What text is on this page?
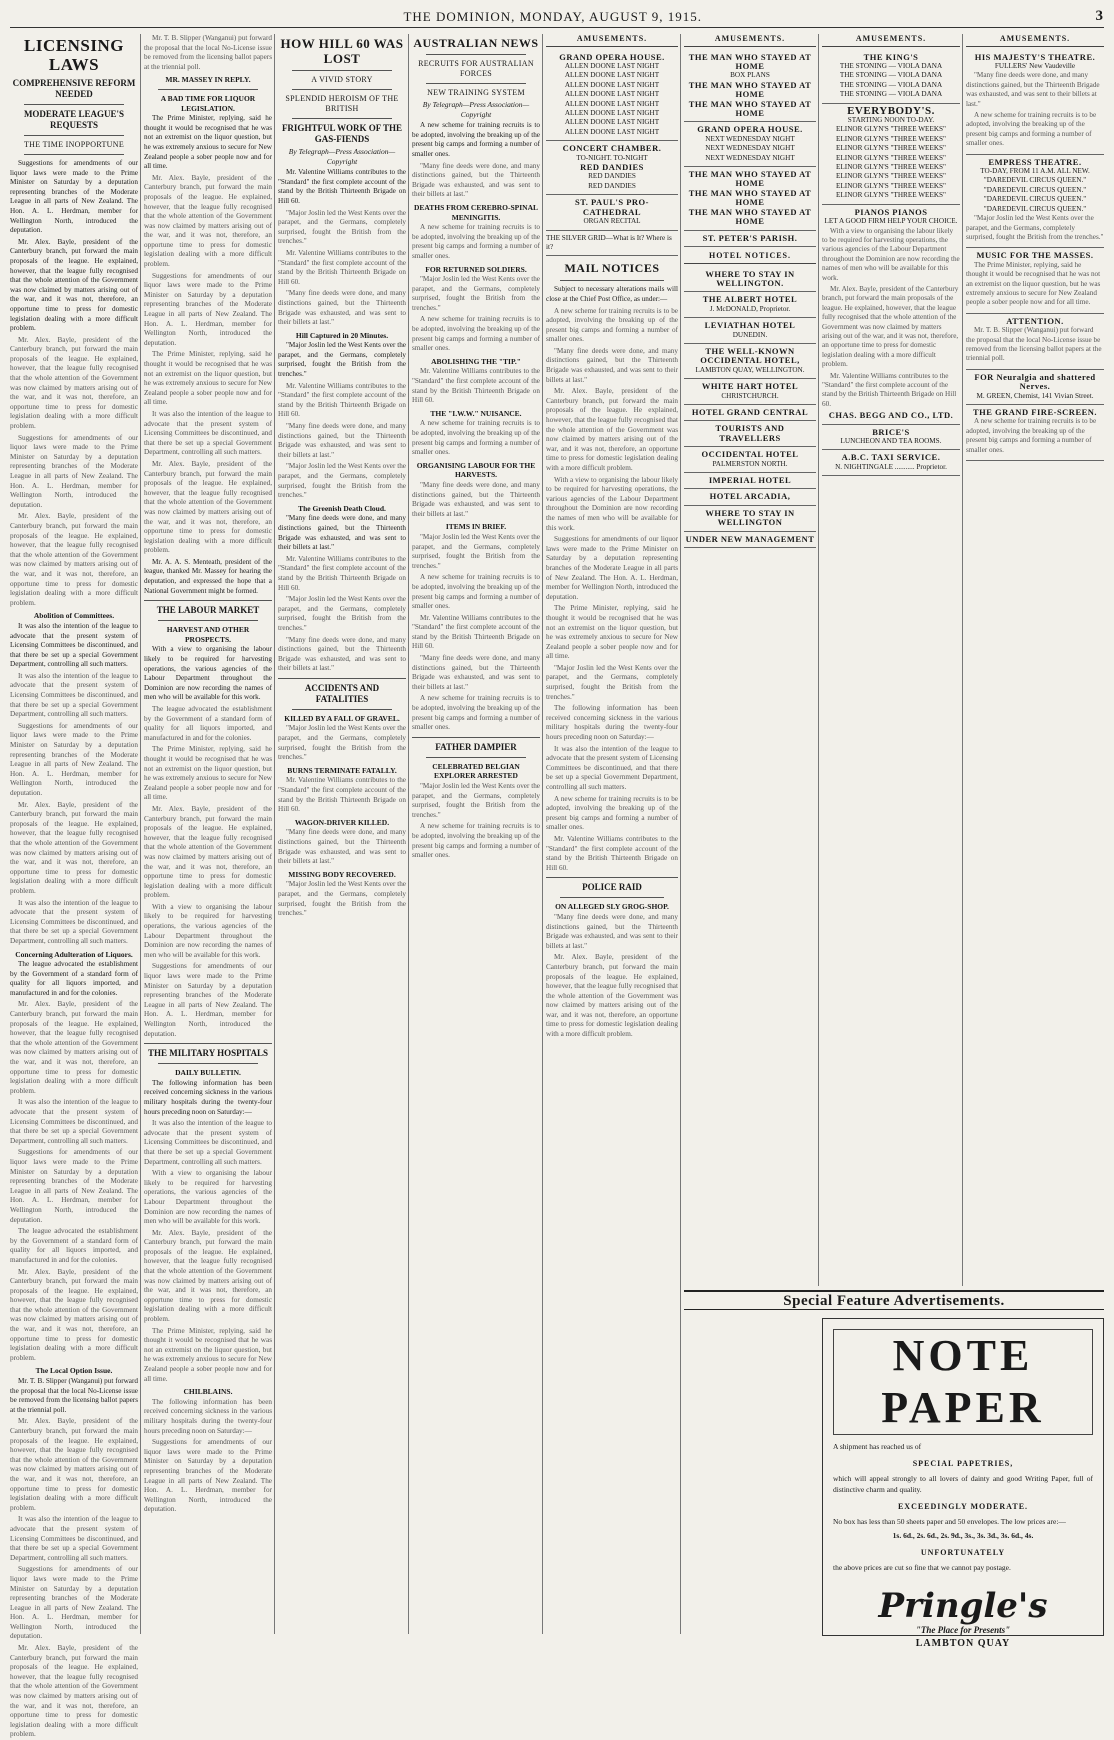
THE DOMINION, MONDAY, AUGUST 9, 1915.	3
LICENSING LAWS
COMPREHENSIVE REFORM NEEDED
MODERATE LEAGUE'S REQUESTS
THE TIME INOPPORTUNE

Suggestions for amendments of our liquor laws were made to the Prime Minister on Saturday by a deputation representing branches of the Moderate League in all parts of New Zealand. The Hon. A. L. Herdman, member for Wellington North, introduced the deputation.

Mr. Alex. Bayle, president of the Canterbury branch, put forward the main proposals of the league. He explained, however, that the league fully recognised that the whole attention of the Government was now claimed by matters arising out of the war, and it was not, therefore, an opportune time to press for domestic legislation dealing with a more difficult problem.

Mr. Alex. Bayle, president of the Canterbury branch, put forward the main proposals of the league. He explained, however, that the league fully recognised that the whole attention of the Government was now claimed by matters arising out of the war, and it was not, therefore, an opportune time to press for domestic legislation dealing with a more difficult problem.

Suggestions for amendments of our liquor laws were made to the Prime Minister on Saturday by a deputation representing branches of the Moderate League in all parts of New Zealand. The Hon. A. L. Herdman, member for Wellington North, introduced the deputation.

Mr. Alex. Bayle, president of the Canterbury branch, put forward the main proposals of the league. He explained, however, that the league fully recognised that the whole attention of the Government was now claimed by matters arising out of the war, and it was not, therefore, an opportune time to press for domestic legislation dealing with a more difficult problem.

Abolition of Committees.

It was also the intention of the league to advocate that the present system of Licensing Committees be discontinued, and that there be set up a special Government Department, controlling all such matters.

It was also the intention of the league to advocate that the present system of Licensing Committees be discontinued, and that there be set up a special Government Department, controlling all such matters.

Suggestions for amendments of our liquor laws were made to the Prime Minister on Saturday by a deputation representing branches of the Moderate League in all parts of New Zealand. The Hon. A. L. Herdman, member for Wellington North, introduced the deputation.

Mr. Alex. Bayle, president of the Canterbury branch, put forward the main proposals of the league. He explained, however, that the league fully recognised that the whole attention of the Government was now claimed by matters arising out of the war, and it was not, therefore, an opportune time to press for domestic legislation dealing with a more difficult problem.

It was also the intention of the league to advocate that the present system of Licensing Committees be discontinued, and that there be set up a special Government Department, controlling all such matters.

Concerning Adulteration of Liquors.

The league advocated the establishment by the Government of a standard form of quality for all liquors imported, and manufactured in and for the colonies.

Mr. Alex. Bayle, president of the Canterbury branch, put forward the main proposals of the league. He explained, however, that the league fully recognised that the whole attention of the Government was now claimed by matters arising out of the war, and it was not, therefore, an opportune time to press for domestic legislation dealing with a more difficult problem.

It was also the intention of the league to advocate that the present system of Licensing Committees be discontinued, and that there be set up a special Government Department, controlling all such matters.

Suggestions for amendments of our liquor laws were made to the Prime Minister on Saturday by a deputation representing branches of the Moderate League in all parts of New Zealand. The Hon. A. L. Herdman, member for Wellington North, introduced the deputation.

The league advocated the establishment by the Government of a standard form of quality for all liquors imported, and manufactured in and for the colonies.

Mr. Alex. Bayle, president of the Canterbury branch, put forward the main proposals of the league. He explained, however, that the league fully recognised that the whole attention of the Government was now claimed by matters arising out of the war, and it was not, therefore, an opportune time to press for domestic legislation dealing with a more difficult problem.

The Local Option Issue.

Mr. T. B. Slipper (Wanganui) put forward the proposal that the local No-License issue be removed from the licensing ballot papers at the triennial poll.

Mr. Alex. Bayle, president of the Canterbury branch, put forward the main proposals of the league. He explained, however, that the league fully recognised that the whole attention of the Government was now claimed by matters arising out of the war, and it was not, therefore, an opportune time to press for domestic legislation dealing with a more difficult problem.

It was also the intention of the league to advocate that the present system of Licensing Committees be discontinued, and that there be set up a special Government Department, controlling all such matters.

Suggestions for amendments of our liquor laws were made to the Prime Minister on Saturday by a deputation representing branches of the Moderate League in all parts of New Zealand. The Hon. A. L. Herdman, member for Wellington North, introduced the deputation.

Mr. Alex. Bayle, president of the Canterbury branch, put forward the main proposals of the league. He explained, however, that the league fully recognised that the whole attention of the Government was now claimed by matters arising out of the war, and it was not, therefore, an opportune time to press for domestic legislation dealing with a more difficult problem.

Mr. T. B. Slipper (Wanganui) put forward the proposal that the local No-License issue be removed from the licensing ballot papers at the triennial poll.

MR. MASSEY IN REPLY.
A BAD TIME FOR LIQUOR LEGISLATION.

The Prime Minister, replying, said he thought it would be recognised that he was not an extremist on the liquor question, but he was extremely anxious to secure for New Zealand people a sober people now and for all time.

Mr. Alex. Bayle, president of the Canterbury branch, put forward the main proposals of the league. He explained, however, that the league fully recognised that the whole attention of the Government was now claimed by matters arising out of the war, and it was not, therefore, an opportune time to press for domestic legislation dealing with a more difficult problem.

Suggestions for amendments of our liquor laws were made to the Prime Minister on Saturday by a deputation representing branches of the Moderate League in all parts of New Zealand. The Hon. A. L. Herdman, member for Wellington North, introduced the deputation.

The Prime Minister, replying, said he thought it would be recognised that he was not an extremist on the liquor question, but he was extremely anxious to secure for New Zealand people a sober people now and for all time.

It was also the intention of the league to advocate that the present system of Licensing Committees be discontinued, and that there be set up a special Government Department, controlling all such matters.

Mr. Alex. Bayle, president of the Canterbury branch, put forward the main proposals of the league. He explained, however, that the league fully recognised that the whole attention of the Government was now claimed by matters arising out of the war, and it was not, therefore, an opportune time to press for domestic legislation dealing with a more difficult problem.

Mr. A. A. S. Menteath, president of the league, thanked Mr. Massey for hearing the deputation, and expressed the hope that a National Government might be formed.

THE LABOUR MARKET
HARVEST AND OTHER PROSPECTS.

With a view to organising the labour likely to be required for harvesting operations, the various agencies of the Labour Department throughout the Dominion are now recording the names of men who will be available for this work.

The league advocated the establishment by the Government of a standard form of quality for all liquors imported, and manufactured in and for the colonies.

The Prime Minister, replying, said he thought it would be recognised that he was not an extremist on the liquor question, but he was extremely anxious to secure for New Zealand people a sober people now and for all time.

Mr. Alex. Bayle, president of the Canterbury branch, put forward the main proposals of the league. He explained, however, that the league fully recognised that the whole attention of the Government was now claimed by matters arising out of the war, and it was not, therefore, an opportune time to press for domestic legislation dealing with a more difficult problem.

With a view to organising the labour likely to be required for harvesting operations, the various agencies of the Labour Department throughout the Dominion are now recording the names of men who will be available for this work.

Suggestions for amendments of our liquor laws were made to the Prime Minister on Saturday by a deputation representing branches of the Moderate League in all parts of New Zealand. The Hon. A. L. Herdman, member for Wellington North, introduced the deputation.

THE MILITARY HOSPITALS
DAILY BULLETIN.

The following information has been received concerning sickness in the various military hospitals during the twenty-four hours preceding noon on Saturday:—

It was also the intention of the league to advocate that the present system of Licensing Committees be discontinued, and that there be set up a special Government Department, controlling all such matters.

With a view to organising the labour likely to be required for harvesting operations, the various agencies of the Labour Department throughout the Dominion are now recording the names of men who will be available for this work.

Mr. Alex. Bayle, president of the Canterbury branch, put forward the main proposals of the league. He explained, however, that the league fully recognised that the whole attention of the Government was now claimed by matters arising out of the war, and it was not, therefore, an opportune time to press for domestic legislation dealing with a more difficult problem.

The Prime Minister, replying, said he thought it would be recognised that he was not an extremist on the liquor question, but he was extremely anxious to secure for New Zealand people a sober people now and for all time.

CHILBLAINS.

The following information has been received concerning sickness in the various military hospitals during the twenty-four hours preceding noon on Saturday:—

Suggestions for amendments of our liquor laws were made to the Prime Minister on Saturday by a deputation representing branches of the Moderate League in all parts of New Zealand. The Hon. A. L. Herdman, member for Wellington North, introduced the deputation.

HOW HILL 60 WAS LOST
A VIVID STORY
SPLENDID HEROISM OF THE BRITISH
FRIGHTFUL WORK OF THE GAS-FIENDS
By Telegraph—Press Association—Copyright

Mr. Valentine Williams contributes to the "Standard" the first complete account of the stand by the British Thirteenth Brigade on Hill 60.

"Major Joslin led the West Kents over the parapet, and the Germans, completely surprised, fought the British from the trenches."

Mr. Valentine Williams contributes to the "Standard" the first complete account of the stand by the British Thirteenth Brigade on Hill 60.

"Many fine deeds were done, and many distinctions gained, but the Thirteenth Brigade was exhausted, and was sent to their billets at last."

Hill Captured in 20 Minutes.

"Major Joslin led the West Kents over the parapet, and the Germans, completely surprised, fought the British from the trenches."

Mr. Valentine Williams contributes to the "Standard" the first complete account of the stand by the British Thirteenth Brigade on Hill 60.

"Many fine deeds were done, and many distinctions gained, but the Thirteenth Brigade was exhausted, and was sent to their billets at last."

"Major Joslin led the West Kents over the parapet, and the Germans, completely surprised, fought the British from the trenches."

The Greenish Death Cloud.

"Many fine deeds were done, and many distinctions gained, but the Thirteenth Brigade was exhausted, and was sent to their billets at last."

Mr. Valentine Williams contributes to the "Standard" the first complete account of the stand by the British Thirteenth Brigade on Hill 60.

"Major Joslin led the West Kents over the parapet, and the Germans, completely surprised, fought the British from the trenches."

"Many fine deeds were done, and many distinctions gained, but the Thirteenth Brigade was exhausted, and was sent to their billets at last."

ACCIDENTS AND FATALITIES
KILLED BY A FALL OF GRAVEL.

"Major Joslin led the West Kents over the parapet, and the Germans, completely surprised, fought the British from the trenches."

BURNS TERMINATE FATALLY.

Mr. Valentine Williams contributes to the "Standard" the first complete account of the stand by the British Thirteenth Brigade on Hill 60.

WAGON-DRIVER KILLED.

"Many fine deeds were done, and many distinctions gained, but the Thirteenth Brigade was exhausted, and was sent to their billets at last."

MISSING BODY RECOVERED.

"Major Joslin led the West Kents over the parapet, and the Germans, completely surprised, fought the British from the trenches."

AUSTRALIAN NEWS
RECRUITS FOR AUSTRALIAN FORCES
NEW TRAINING SYSTEM
By Telegraph—Press Association—Copyright

A new scheme for training recruits is to be adopted, involving the breaking up of the present big camps and forming a number of smaller ones.

"Many fine deeds were done, and many distinctions gained, but the Thirteenth Brigade was exhausted, and was sent to their billets at last."

DEATHS FROM CEREBRO-SPINAL MENINGITIS.

A new scheme for training recruits is to be adopted, involving the breaking up of the present big camps and forming a number of smaller ones.

FOR RETURNED SOLDIERS.

"Major Joslin led the West Kents over the parapet, and the Germans, completely surprised, fought the British from the trenches."

A new scheme for training recruits is to be adopted, involving the breaking up of the present big camps and forming a number of smaller ones.

ABOLISHING THE "TIP."

Mr. Valentine Williams contributes to the "Standard" the first complete account of the stand by the British Thirteenth Brigade on Hill 60.

THE "I.W.W." NUISANCE.

A new scheme for training recruits is to be adopted, involving the breaking up of the present big camps and forming a number of smaller ones.

ORGANISING LABOUR FOR THE HARVESTS.

"Many fine deeds were done, and many distinctions gained, but the Thirteenth Brigade was exhausted, and was sent to their billets at last."

ITEMS IN BRIEF.

"Major Joslin led the West Kents over the parapet, and the Germans, completely surprised, fought the British from the trenches."

A new scheme for training recruits is to be adopted, involving the breaking up of the present big camps and forming a number of smaller ones.

Mr. Valentine Williams contributes to the "Standard" the first complete account of the stand by the British Thirteenth Brigade on Hill 60.

"Many fine deeds were done, and many distinctions gained, but the Thirteenth Brigade was exhausted, and was sent to their billets at last."

A new scheme for training recruits is to be adopted, involving the breaking up of the present big camps and forming a number of smaller ones.

FATHER DAMPIER
CELEBRATED BELGIAN EXPLORER ARRESTED

"Major Joslin led the West Kents over the parapet, and the Germans, completely surprised, fought the British from the trenches."

A new scheme for training recruits is to be adopted, involving the breaking up of the present big camps and forming a number of smaller ones.

AMUSEMENTS.
GRAND OPERA HOUSE.
ALLEN DOONE LAST NIGHT
ALLEN DOONE LAST NIGHT
ALLEN DOONE LAST NIGHT
ALLEN DOONE LAST NIGHT
ALLEN DOONE LAST NIGHT
ALLEN DOONE LAST NIGHT
ALLEN DOONE LAST NIGHT
ALLEN DOONE LAST NIGHT
CONCERT CHAMBER.
TO-NIGHT. TO-NIGHT
RED DANDIES
RED DANDIES
RED DANDIES
ST. PAUL'S PRO-CATHEDRAL
ORGAN RECITAL
THE SILVER GRID—What is It? Where is it?
MAIL NOTICES

Subject to necessary alterations mails will close at the Chief Post Office, as under:—

A new scheme for training recruits is to be adopted, involving the breaking up of the present big camps and forming a number of smaller ones.

"Many fine deeds were done, and many distinctions gained, but the Thirteenth Brigade was exhausted, and was sent to their billets at last."

Mr. Alex. Bayle, president of the Canterbury branch, put forward the main proposals of the league. He explained, however, that the league fully recognised that the whole attention of the Government was now claimed by matters arising out of the war, and it was not, therefore, an opportune time to press for domestic legislation dealing with a more difficult problem.

With a view to organising the labour likely to be required for harvesting operations, the various agencies of the Labour Department throughout the Dominion are now recording the names of men who will be available for this work.

Suggestions for amendments of our liquor laws were made to the Prime Minister on Saturday by a deputation representing branches of the Moderate League in all parts of New Zealand. The Hon. A. L. Herdman, member for Wellington North, introduced the deputation.

The Prime Minister, replying, said he thought it would be recognised that he was not an extremist on the liquor question, but he was extremely anxious to secure for New Zealand people a sober people now and for all time.

"Major Joslin led the West Kents over the parapet, and the Germans, completely surprised, fought the British from the trenches."

The following information has been received concerning sickness in the various military hospitals during the twenty-four hours preceding noon on Saturday:—

It was also the intention of the league to advocate that the present system of Licensing Committees be discontinued, and that there be set up a special Government Department, controlling all such matters.

A new scheme for training recruits is to be adopted, involving the breaking up of the present big camps and forming a number of smaller ones.

Mr. Valentine Williams contributes to the "Standard" the first complete account of the stand by the British Thirteenth Brigade on Hill 60.

POLICE RAID
ON ALLEGED SLY GROG-SHOP.

"Many fine deeds were done, and many distinctions gained, but the Thirteenth Brigade was exhausted, and was sent to their billets at last."

Mr. Alex. Bayle, president of the Canterbury branch, put forward the main proposals of the league. He explained, however, that the league fully recognised that the whole attention of the Government was now claimed by matters arising out of the war, and it was not, therefore, an opportune time to press for domestic legislation dealing with a more difficult problem.

AMUSEMENTS.
THE MAN WHO STAYED AT HOME
BOX PLANS
THE MAN WHO STAYED AT HOME
THE MAN WHO STAYED AT HOME
GRAND OPERA HOUSE.
NEXT WEDNESDAY NIGHT
NEXT WEDNESDAY NIGHT
NEXT WEDNESDAY NIGHT
THE MAN WHO STAYED AT HOME
THE MAN WHO STAYED AT HOME
THE MAN WHO STAYED AT HOME
ST. PETER'S PARISH.
HOTEL NOTICES.
WHERE TO STAY IN WELLINGTON.
THE ALBERT HOTEL
J. McDONALD, Proprietor.
LEVIATHAN HOTEL
DUNEDIN.
THE WELL-KNOWN OCCIDENTAL HOTEL,
LAMBTON QUAY, WELLINGTON.
WHITE HART HOTEL
CHRISTCHURCH.
HOTEL GRAND CENTRAL
TOURISTS AND TRAVELLERS
OCCIDENTAL HOTEL
PALMERSTON NORTH.
IMPERIAL HOTEL
HOTEL ARCADIA,
WHERE TO STAY IN WELLINGTON
UNDER NEW MANAGEMENT
AMUSEMENTS.
THE KING'S
THE STONING — VIOLA DANA
THE STONING — VIOLA DANA
THE STONING — VIOLA DANA
THE STONING — VIOLA DANA
EVERYBODY'S.
STARTING NOON TO-DAY.
ELINOR GLYN'S "THREE WEEKS"
ELINOR GLYN'S "THREE WEEKS"
ELINOR GLYN'S "THREE WEEKS"
ELINOR GLYN'S "THREE WEEKS"
ELINOR GLYN'S "THREE WEEKS"
ELINOR GLYN'S "THREE WEEKS"
ELINOR GLYN'S "THREE WEEKS"
ELINOR GLYN'S "THREE WEEKS"
PIANOS PIANOS
LET A GOOD FIRM HELP YOUR CHOICE.

With a view to organising the labour likely to be required for harvesting operations, the various agencies of the Labour Department throughout the Dominion are now recording the names of men who will be available for this work.

Mr. Alex. Bayle, president of the Canterbury branch, put forward the main proposals of the league. He explained, however, that the league fully recognised that the whole attention of the Government was now claimed by matters arising out of the war, and it was not, therefore, an opportune time to press for domestic legislation dealing with a more difficult problem.

Mr. Valentine Williams contributes to the "Standard" the first complete account of the stand by the British Thirteenth Brigade on Hill 60.

CHAS. BEGG AND CO., LTD.
BRICE'S
LUNCHEON AND TEA ROOMS.
A.B.C. TAXI SERVICE.
N. NIGHTINGALE ........... Proprietor.
AMUSEMENTS.
HIS MAJESTY'S THEATRE.
FULLERS' New Vaudeville

"Many fine deeds were done, and many distinctions gained, but the Thirteenth Brigade was exhausted, and was sent to their billets at last."

A new scheme for training recruits is to be adopted, involving the breaking up of the present big camps and forming a number of smaller ones.

EMPRESS THEATRE.
TO-DAY, FROM 11 A.M. ALL NEW.
"DAREDEVIL CIRCUS QUEEN."
"DAREDEVIL CIRCUS QUEEN."
"DAREDEVIL CIRCUS QUEEN."
"DAREDEVIL CIRCUS QUEEN."

"Major Joslin led the West Kents over the parapet, and the Germans, completely surprised, fought the British from the trenches."

MUSIC FOR THE MASSES.

The Prime Minister, replying, said he thought it would be recognised that he was not an extremist on the liquor question, but he was extremely anxious to secure for New Zealand people a sober people now and for all time.

ATTENTION.

Mr. T. B. Slipper (Wanganui) put forward the proposal that the local No-License issue be removed from the licensing ballot papers at the triennial poll.

FOR Neuralgia and shattered Nerves.
M. GREEN, Chemist, 141 Vivian Street.
THE GRAND FIRE-SCREEN.

A new scheme for training recruits is to be adopted, involving the breaking up of the present big camps and forming a number of smaller ones.

Special Feature Advertisements.
NOTE PAPER
A shipment has reached us of
SPECIAL PAPETRIES,
which will appeal strongly to all lovers of dainty and good Writing Paper, full of distinctive charm and quality.
EXCEEDINGLY MODERATE.
No box has less than 50 sheets paper and 50 envelopes. The low prices are:—
1s. 6d., 2s. 6d., 2s. 9d., 3s., 3s. 3d., 3s. 6d., 4s.
UNFORTUNATELY
the above prices are cut so fine that we cannot pay postage.
Pringle's
"The Place for Presents"
LAMBTON QUAY
